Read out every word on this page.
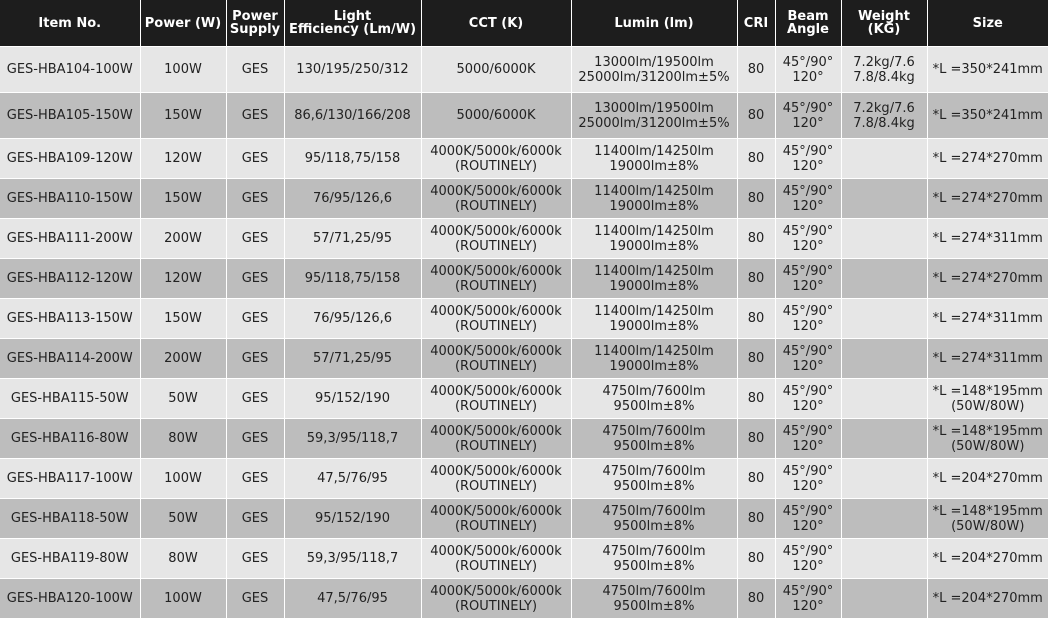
Item No.	Power (W)	Power
Supply	Light
Efficiency (Lm/W)	CCT (K)	Lumin (lm)	CRI	Beam
Angle	Weight
(KG)	Size
GES-HBA104-100W	100W	GES	130/195/250/312	5000/6000K	13000lm/19500lm
25000lm/31200lm±5%	80	45°/90°
120°	7.2kg/7.6
7.8/8.4kg	*L =350*241mm

GES-HBA105-150W	150W	GES	86,6/130/166/208	5000/6000K	13000lm/19500lm
25000lm/31200lm±5%	80	45°/90°
120°	7.2kg/7.6
7.8/8.4kg	*L =350*241mm

GES-HBA109-120W	120W	GES	95/118,75/158	4000K/5000k/6000k
(ROUTINELY)	11400lm/14250lm
19000lm±8%	80	45°/90°
120°		*L =274*270mm

GES-HBA110-150W	150W	GES	76/95/126,6	4000K/5000k/6000k
(ROUTINELY)	11400lm/14250lm
19000lm±8%	80	45°/90°
120°		*L =274*270mm

GES-HBA111-200W	200W	GES	57/71,25/95	4000K/5000k/6000k
(ROUTINELY)	11400lm/14250lm
19000lm±8%	80	45°/90°
120°		*L =274*311mm

GES-HBA112-120W	120W	GES	95/118,75/158	4000K/5000k/6000k
(ROUTINELY)	11400lm/14250lm
19000lm±8%	80	45°/90°
120°		*L =274*270mm

GES-HBA113-150W	150W	GES	76/95/126,6	4000K/5000k/6000k
(ROUTINELY)	11400lm/14250lm
19000lm±8%	80	45°/90°
120°		*L =274*311mm

GES-HBA114-200W	200W	GES	57/71,25/95	4000K/5000k/6000k
(ROUTINELY)	11400lm/14250lm
19000lm±8%	80	45°/90°
120°		*L =274*311mm

GES-HBA115-50W	50W	GES	95/152/190	4000K/5000k/6000k
(ROUTINELY)	4750lm/7600lm
9500lm±8%	80	45°/90°
120°		*L =148*195mm
(50W/80W)

GES-HBA116-80W	80W	GES	59,3/95/118,7	4000K/5000k/6000k
(ROUTINELY)	4750lm/7600lm
9500lm±8%	80	45°/90°
120°		*L =148*195mm
(50W/80W)

GES-HBA117-100W	100W	GES	47,5/76/95	4000K/5000k/6000k
(ROUTINELY)	4750lm/7600lm
9500lm±8%	80	45°/90°
120°		*L =204*270mm

GES-HBA118-50W	50W	GES	95/152/190	4000K/5000k/6000k
(ROUTINELY)	4750lm/7600lm
9500lm±8%	80	45°/90°
120°		*L =148*195mm
(50W/80W)

GES-HBA119-80W	80W	GES	59,3/95/118,7	4000K/5000k/6000k
(ROUTINELY)	4750lm/7600lm
9500lm±8%	80	45°/90°
120°		*L =204*270mm

GES-HBA120-100W	100W	GES	47,5/76/95	4000K/5000k/6000k
(ROUTINELY)	4750lm/7600lm
9500lm±8%	80	45°/90°
120°		*L =204*270mm
